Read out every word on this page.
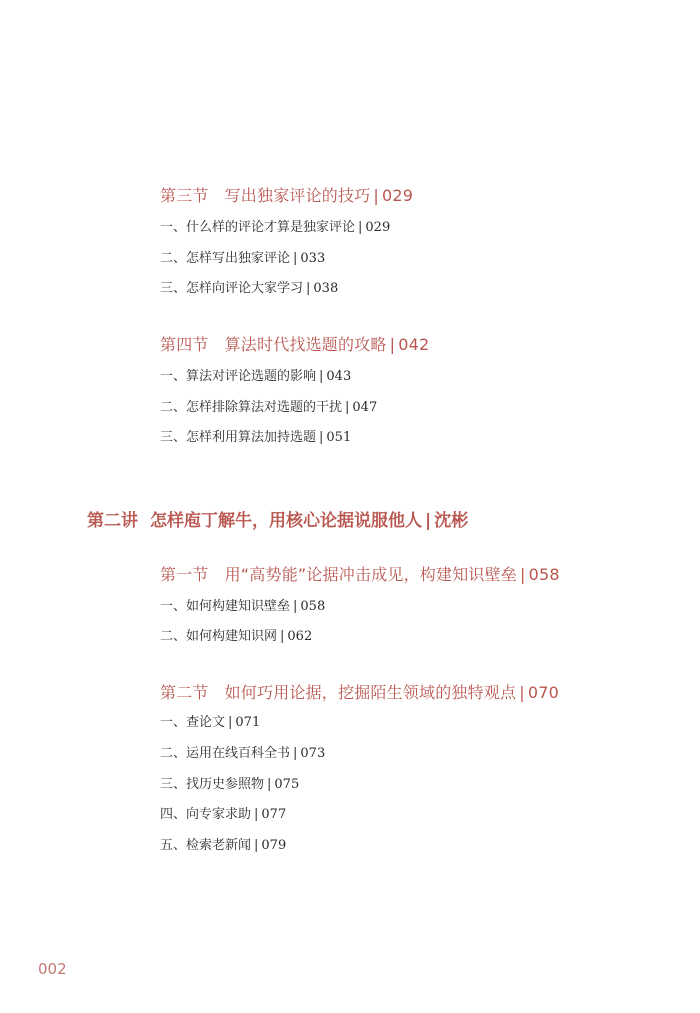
第三节 写出独家评论的技巧 | 029
一、什么样的评论才算是独家评论 | 029
二、怎样写出独家评论 | 033
三、怎样向评论大家学习 | 038
第四节 算法时代找选题的攻略 | 042
一、算法对评论选题的影响 | 043
二、怎样排除算法对选题的干扰 | 047
三、怎样利用算法加持选题 | 051
第二讲 怎样庖丁解牛，用核心论据说服他人 | 沈彬
第一节 用“高势能”论据冲击成见，构建知识壁垒 | 058
一、如何构建知识壁垒 | 058
二、如何构建知识网 | 062
第二节 如何巧用论据，挖掘陌生领域的独特观点 | 070
一、查论文 | 071
二、运用在线百科全书 | 073
三、找历史参照物 | 075
四、向专家求助 | 077
五、检索老新闻 | 079
002
